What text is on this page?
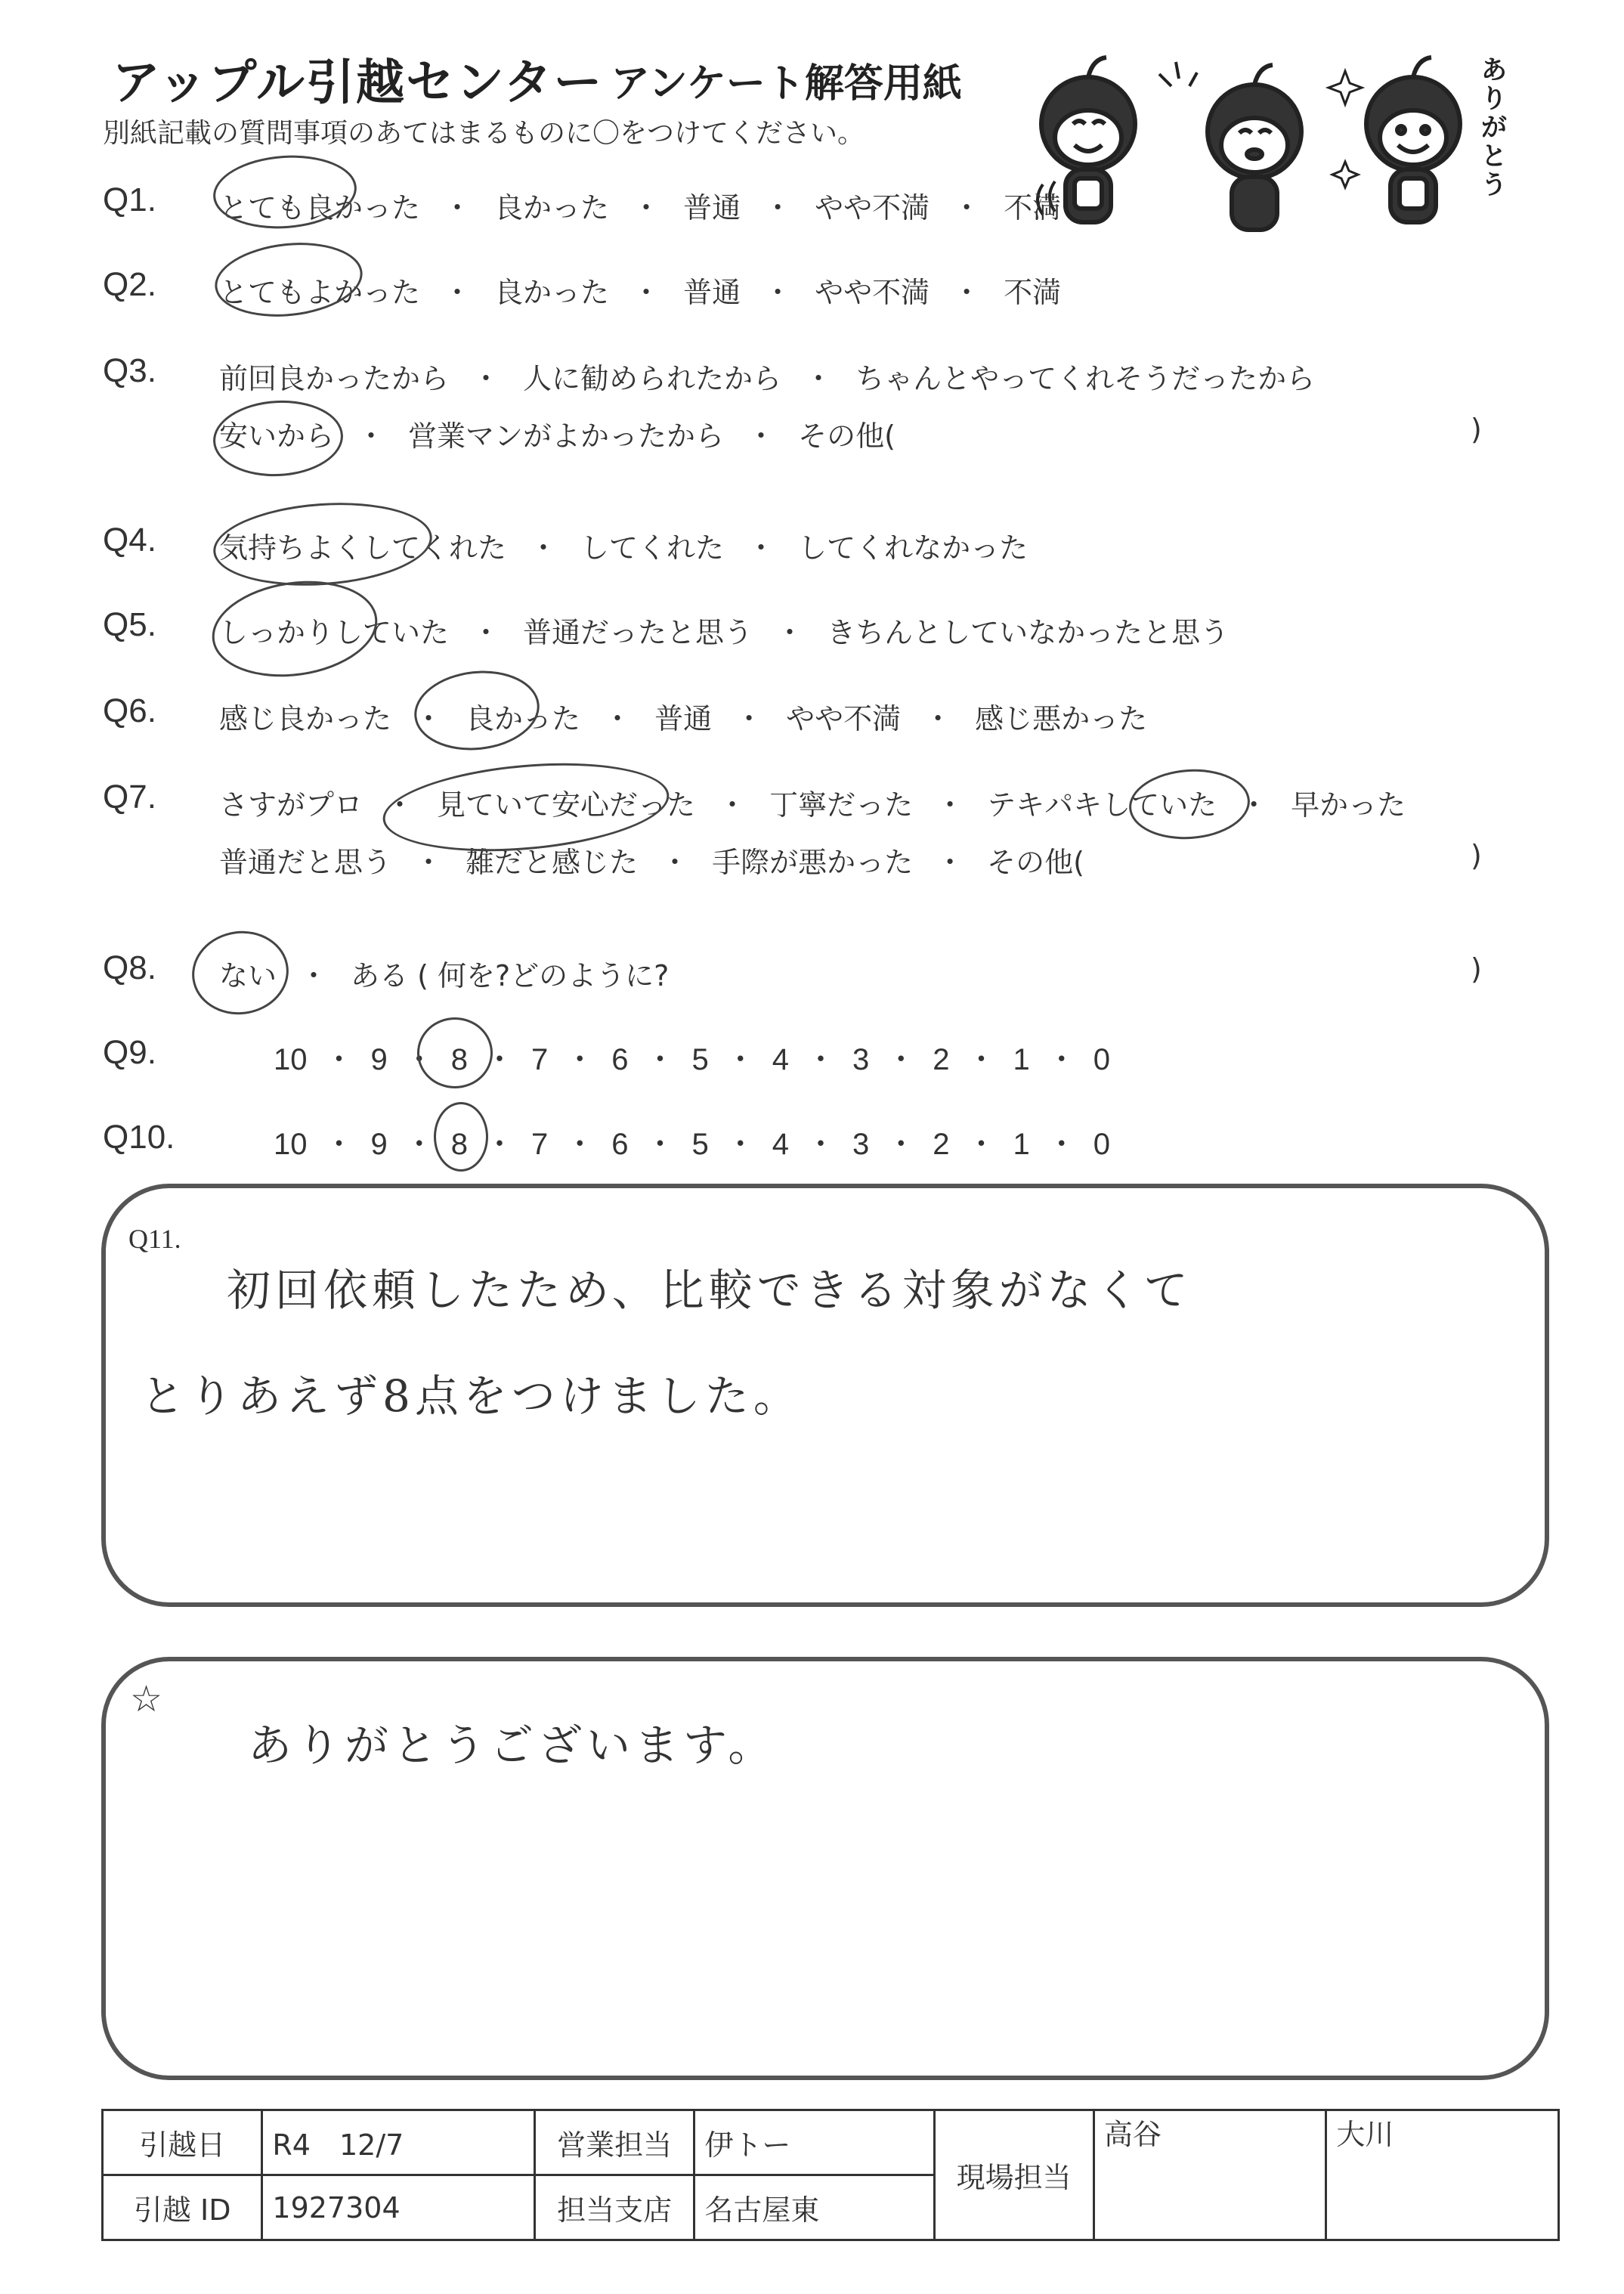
アップル引越センター アンケート解答用紙
別紙記載の質問事項のあてはまるものに〇をつけてください。
ありがとう
Q1. とても良かった ・ 良かった ・ 普通 ・ やや不満 ・ 不満
Q2. とてもよかった ・ 良かった ・ 普通 ・ やや不満 ・ 不満
Q3. 前回良かったから ・ 人に勧められたから ・ ちゃんとやってくれそうだったから
安いから ・ 営業マンがよかったから ・ その他(	)
Q4. 気持ちよくしてくれた ・ してくれた ・ してくれなかった
Q5. しっかりしていた ・ 普通だったと思う ・ きちんとしていなかったと思う
Q6. 感じ良かった ・ 良かった ・ 普通 ・ やや不満 ・ 感じ悪かった
Q7. さすがプロ ・ 見ていて安心だった ・ 丁寧だった ・ テキパキしていた ・ 早かった
普通だと思う ・ 雑だと感じた ・ 手際が悪かった ・ その他(	)
Q8. ない ・ ある ( 何を?どのように?	)
Q9.	10 ・ 9 ・ 8 ・ 7 ・ 6 ・ 5 ・ 4 ・ 3 ・ 2 ・ 1 ・ 0
Q10.	10 ・ 9 ・ 8 ・ 7 ・ 6 ・ 5 ・ 4 ・ 3 ・ 2 ・ 1 ・ 0
Q11.
初回依頼したため、比較できる対象がなくて
とりあえず8点をつけました。
☆
ありがとうございます。
引越日	R4　12/7	営業担当	伊トー	現場担当	高谷	大川
引越 ID	1927304	担当支店	名古屋東			
